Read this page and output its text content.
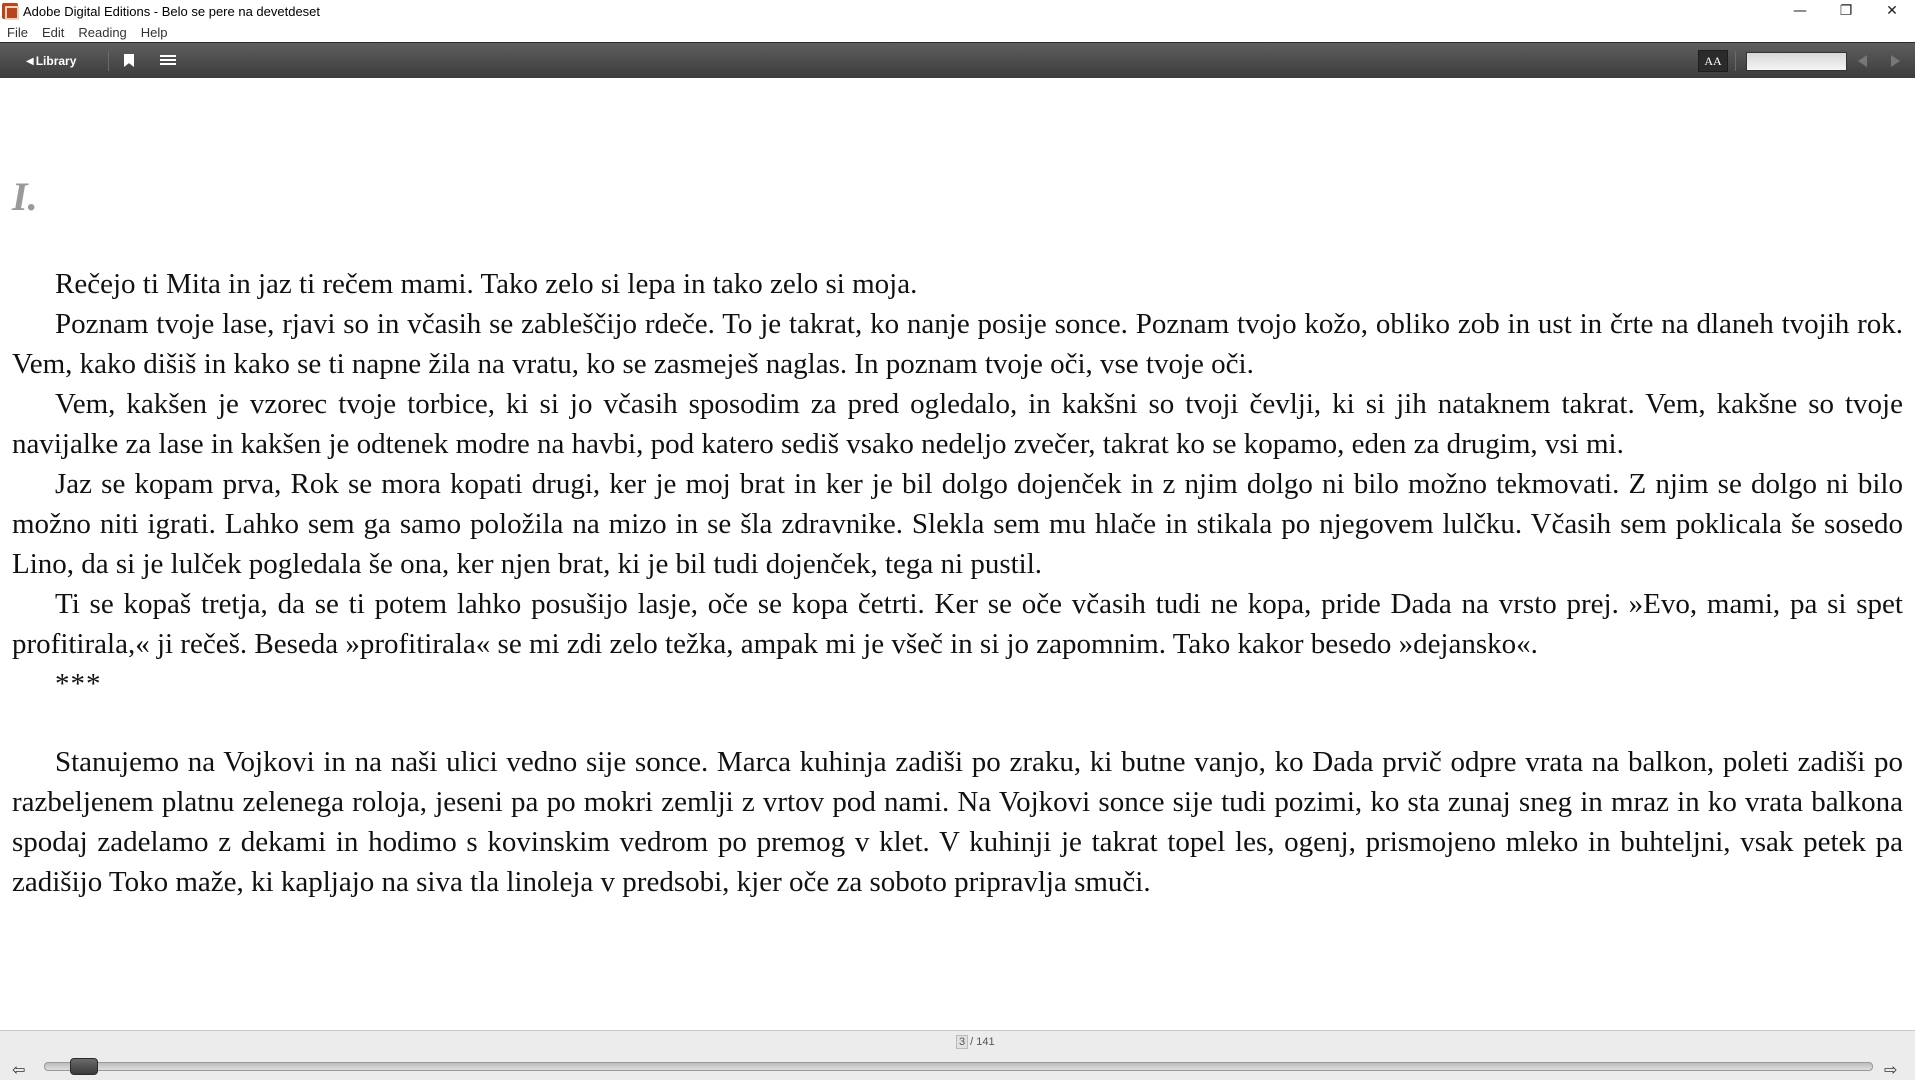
Adobe Digital Editions - Belo se pere na devetdeset	—	❐	✕
File	Edit	Reading	Help
◀ Library	AA
I.

Rečejo ti Mita in jaz ti rečem mami. Tako zelo si lepa in tako zelo si moja.

Poznam tvoje lase, rjavi so in včasih se zableščijo rdeče. To je takrat, ko nanje posije sonce. Poznam tvojo kožo, obliko zob in ust in črte na dlaneh tvojih rok. Vem, kako dišiš in kako se ti napne žila na vratu, ko se zasmeješ naglas. In poznam tvoje oči, vse tvoje oči.

Vem, kakšen je vzorec tvoje torbice, ki si jo včasih sposodim za pred ogledalo, in kakšni so tvoji čevlji, ki si jih nataknem takrat. Vem, kakšne so tvoje navijalke za lase in kakšen je odtenek modre na havbi, pod katero sediš vsako nedeljo zvečer, takrat ko se kopamo, eden za drugim, vsi mi.

Jaz se kopam prva, Rok se mora kopati drugi, ker je moj brat in ker je bil dolgo dojenček in z njim dolgo ni bilo možno tekmovati. Z njim se dolgo ni bilo možno niti igrati. Lahko sem ga samo položila na mizo in se šla zdravnike. Slekla sem mu hlače in stikala po njegovem lulčku. Včasih sem poklicala še sosedo Lino, da si je lulček pogledala še ona, ker njen brat, ki je bil tudi dojenček, tega ni pustil.

Ti se kopaš tretja, da se ti potem lahko posušijo lasje, oče se kopa četrti. Ker se oče včasih tudi ne kopa, pride Dada na vrsto prej. »Evo, mami, pa si spet profitirala,« ji rečeš. Beseda »profitirala« se mi zdi zelo težka, ampak mi je všeč in si jo zapomnim. Tako kakor besedo »dejansko«.

***

Stanujemo na Vojkovi in na naši ulici vedno sije sonce. Marca kuhinja zadiši po zraku, ki butne vanjo, ko Dada prvič odpre vrata na balkon, poleti zadiši po razbeljenem platnu zelenega roloja, jeseni pa po mokri zemlji z vrtov pod nami. Na Vojkovi sonce sije tudi pozimi, ko sta zunaj sneg in mraz in ko vrata balkona spodaj zadelamo z dekami in hodimo s kovinskim vedrom po premog v klet. V kuhinji je takrat topel les, ogenj, prismojeno mleko in buhteljni, vsak petek pa zadišijo Toko maže, ki kapljajo na siva tla linoleja v predsobi, kjer oče za soboto pripravlja smuči.

3 / 141
⇦	⇨
